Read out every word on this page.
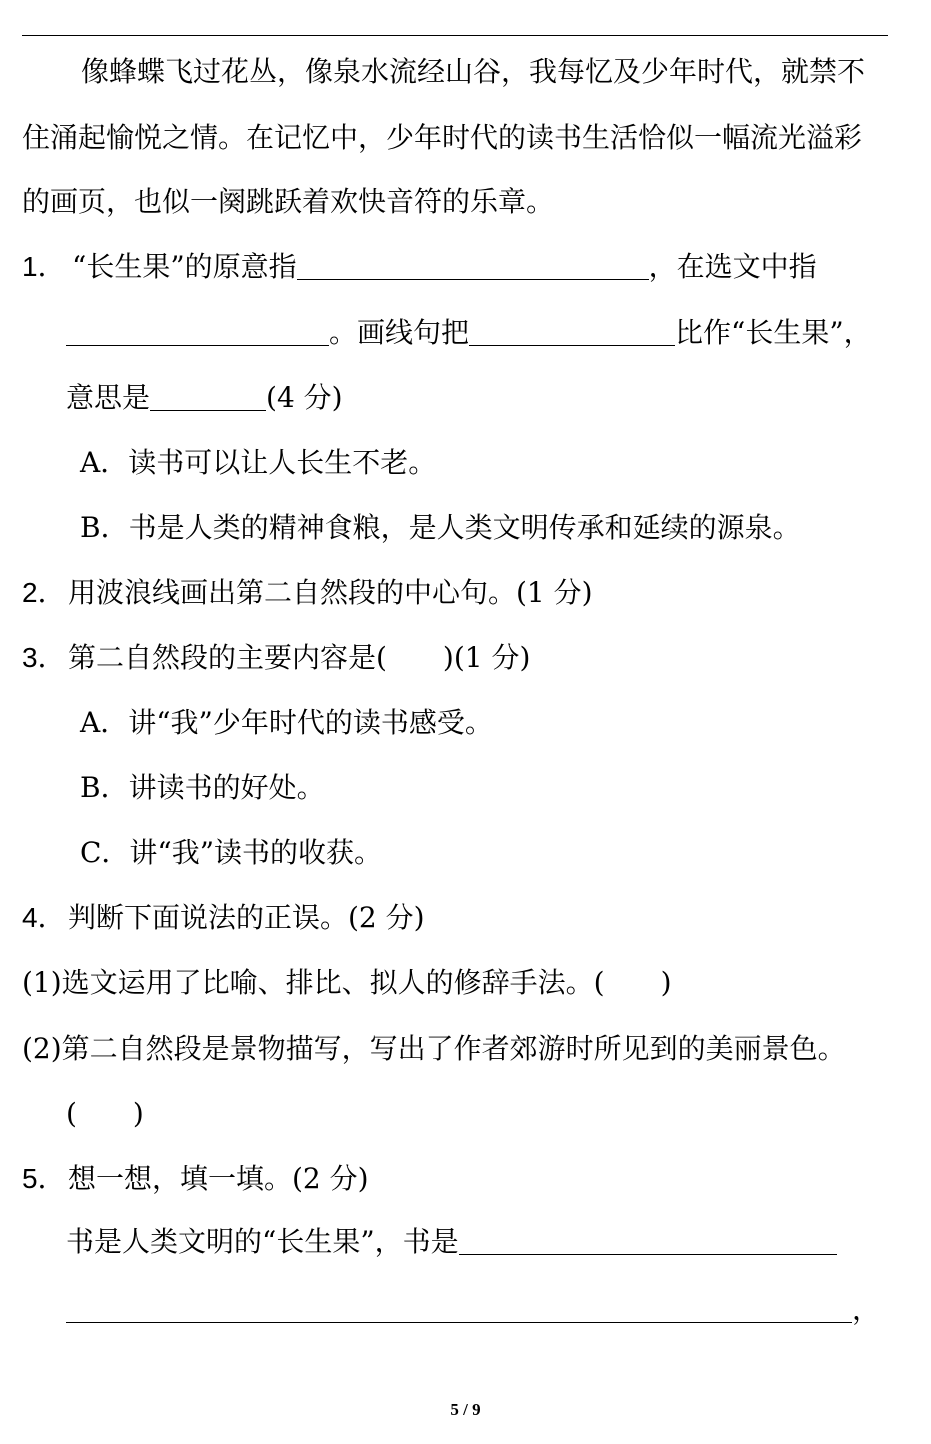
像蜂蝶飞过花丛，像泉水流经山谷，我每忆及少年时代，就禁不
住涌起愉悦之情。在记忆中，少年时代的读书生活恰似一幅流光溢彩
的画页，也似一阕跳跃着欢快音符的乐章。
1． “长生果”的原意指	，在选文中指
。画线句把	比作“长生果”，
意思是	(4 分)
A．读书可以让人长生不老。
B．书是人类的精神食粮，是人类文明传承和延续的源泉。
2．用波浪线画出第二自然段的中心句。(1 分)
3．第二自然段的主要内容是(　　)(1 分)
A．讲“我”少年时代的读书感受。
B．讲读书的好处。
C．讲“我”读书的收获。
4．判断下面说法的正误。(2 分)
(1)选文运用了比喻、排比、拟人的修辞手法。(　　)
(2)第二自然段是景物描写，写出了作者郊游时所见到的美丽景色。
(　　)
5．想一想，填一填。(2 分)
书是人类文明的“长生果”，书是
，
5 / 9
